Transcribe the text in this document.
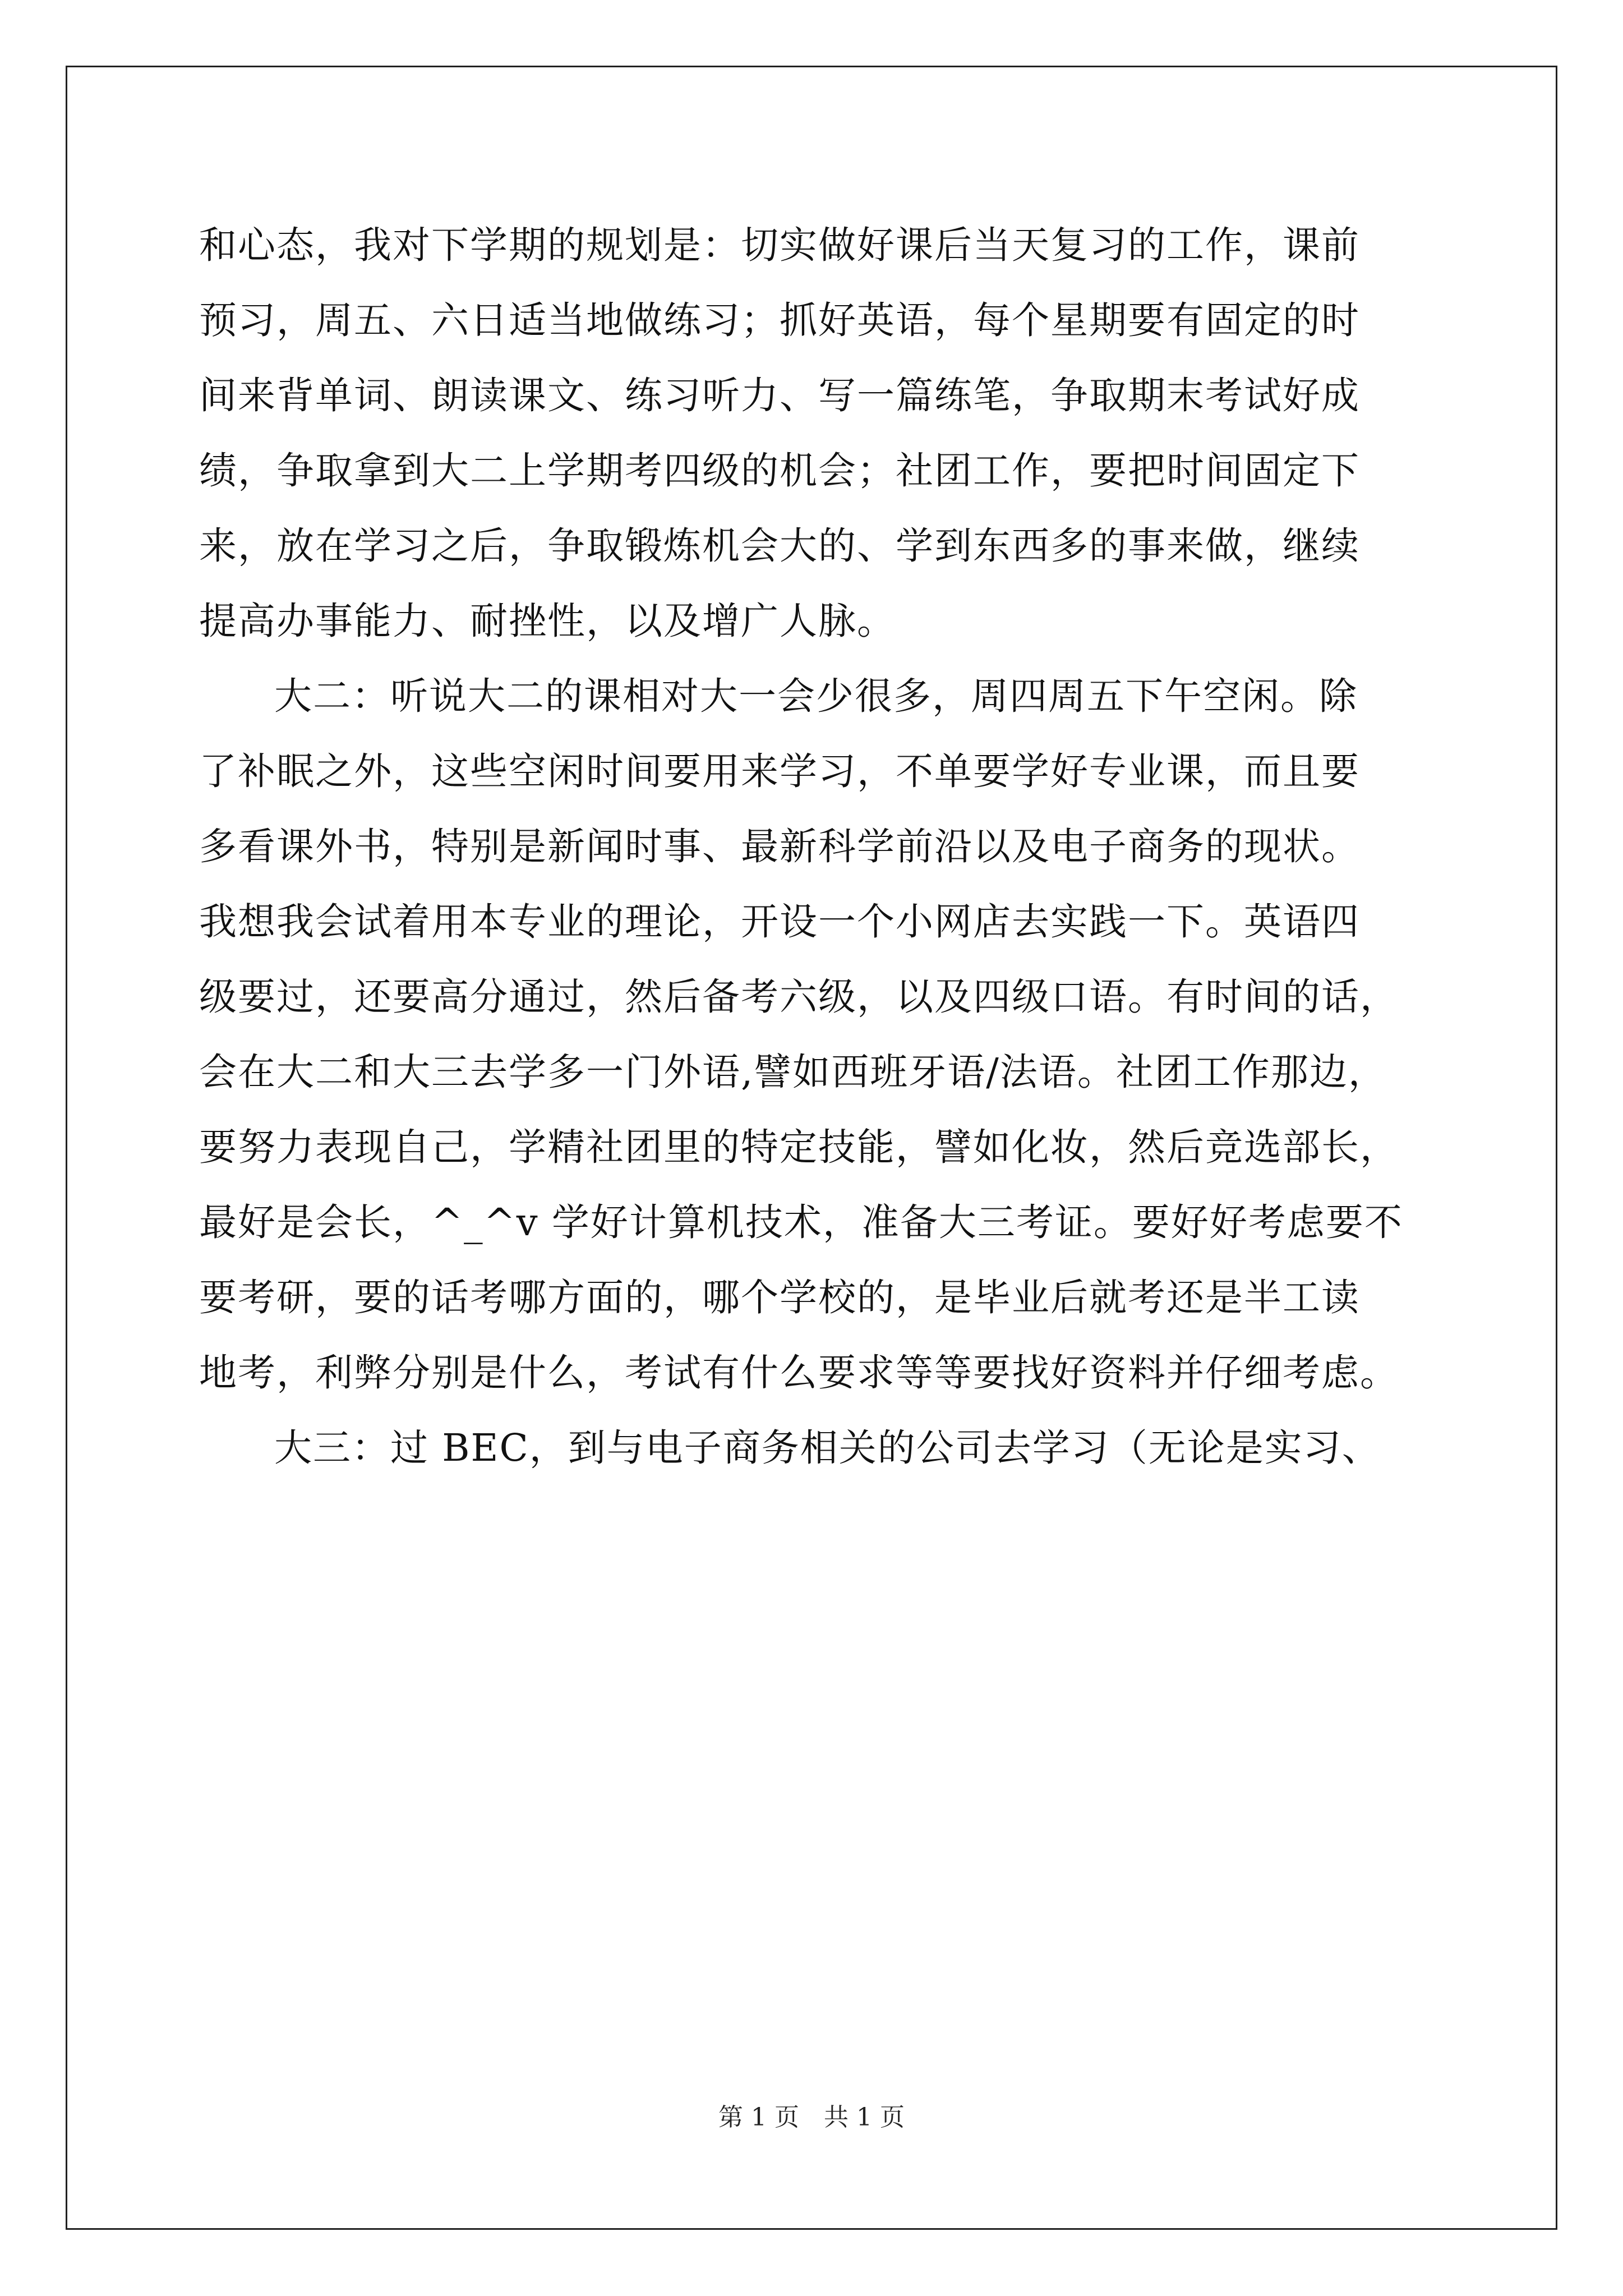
和心态，我对下学期的规划是：切实做好课后当天复习的工作，课前
预习，周五、六日适当地做练习；抓好英语，每个星期要有固定的时
间来背单词、朗读课文、练习听力、写一篇练笔，争取期末考试好成
绩，争取拿到大二上学期考四级的机会；社团工作，要把时间固定下
来，放在学习之后，争取锻炼机会大的、学到东西多的事来做，继续
提高办事能力、耐挫性，以及增广人脉。
大二：听说大二的课相对大一会少很多，周四周五下午空闲。除
了补眠之外，这些空闲时间要用来学习，不单要学好专业课，而且要
多看课外书，特别是新闻时事、最新科学前沿以及电子商务的现状。
我想我会试着用本专业的理论，开设一个小网店去实践一下。英语四
级要过，还要高分通过，然后备考六级，以及四级口语。有时间的话，
会在大二和大三去学多一门外语,譬如西班牙语/法语。社团工作那边，
要努力表现自己，学精社团里的特定技能，譬如化妆，然后竞选部长，
最好是会长，^_^v 学好计算机技术，准备大三考证。要好好考虑要不
要考研，要的话考哪方面的，哪个学校的，是毕业后就考还是半工读
地考，利弊分别是什么，考试有什么要求等等要找好资料并仔细考虑。
大三：过 BEC，到与电子商务相关的公司去学习（无论是实习、
第 1 页　共 1 页
